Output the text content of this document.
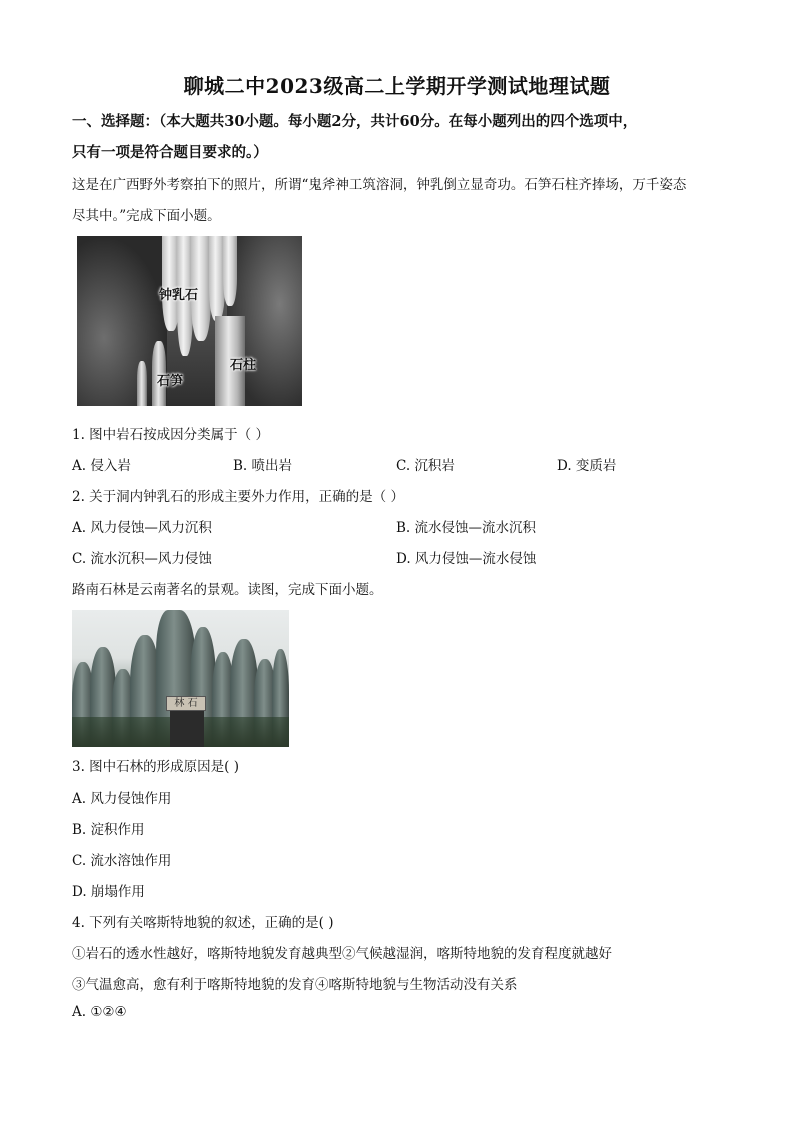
聊城二中2023级高二上学期开学测试地理试题
一、选择题：（本大题共30小题。每小题2分，共计60分。在每小题列出的四个选项中，
只有一项是符合题目要求的。）
这是在广西野外考察拍下的照片，所谓“鬼斧神工筑溶洞，钟乳倒立显奇功。石笋石柱齐捧场，万千姿态
尽其中。”完成下面小题。
钟乳石
石笋
石柱
1. 图中岩石按成因分类属于（ ）
A. 侵入岩	B. 喷出岩	C. 沉积岩	D. 变质岩
2. 关于洞内钟乳石的形成主要外力作用，正确的是（ ）
A. 风力侵蚀—风力沉积	B. 流水侵蚀—流水沉积
C. 流水沉积—风力侵蚀	D. 风力侵蚀—流水侵蚀
路南石林是云南著名的景观。读图，完成下面小题。
林 石
3. 图中石林的形成原因是( )
A. 风力侵蚀作用
B. 淀积作用
C. 流水溶蚀作用
D. 崩塌作用
4. 下列有关喀斯特地貌的叙述，正确的是( )
①岩石的透水性越好，喀斯特地貌发育越典型②气候越湿润，喀斯特地貌的发育程度就越好
③气温愈高，愈有利于喀斯特地貌的发育④喀斯特地貌与生物活动没有关系
A. ①②④
